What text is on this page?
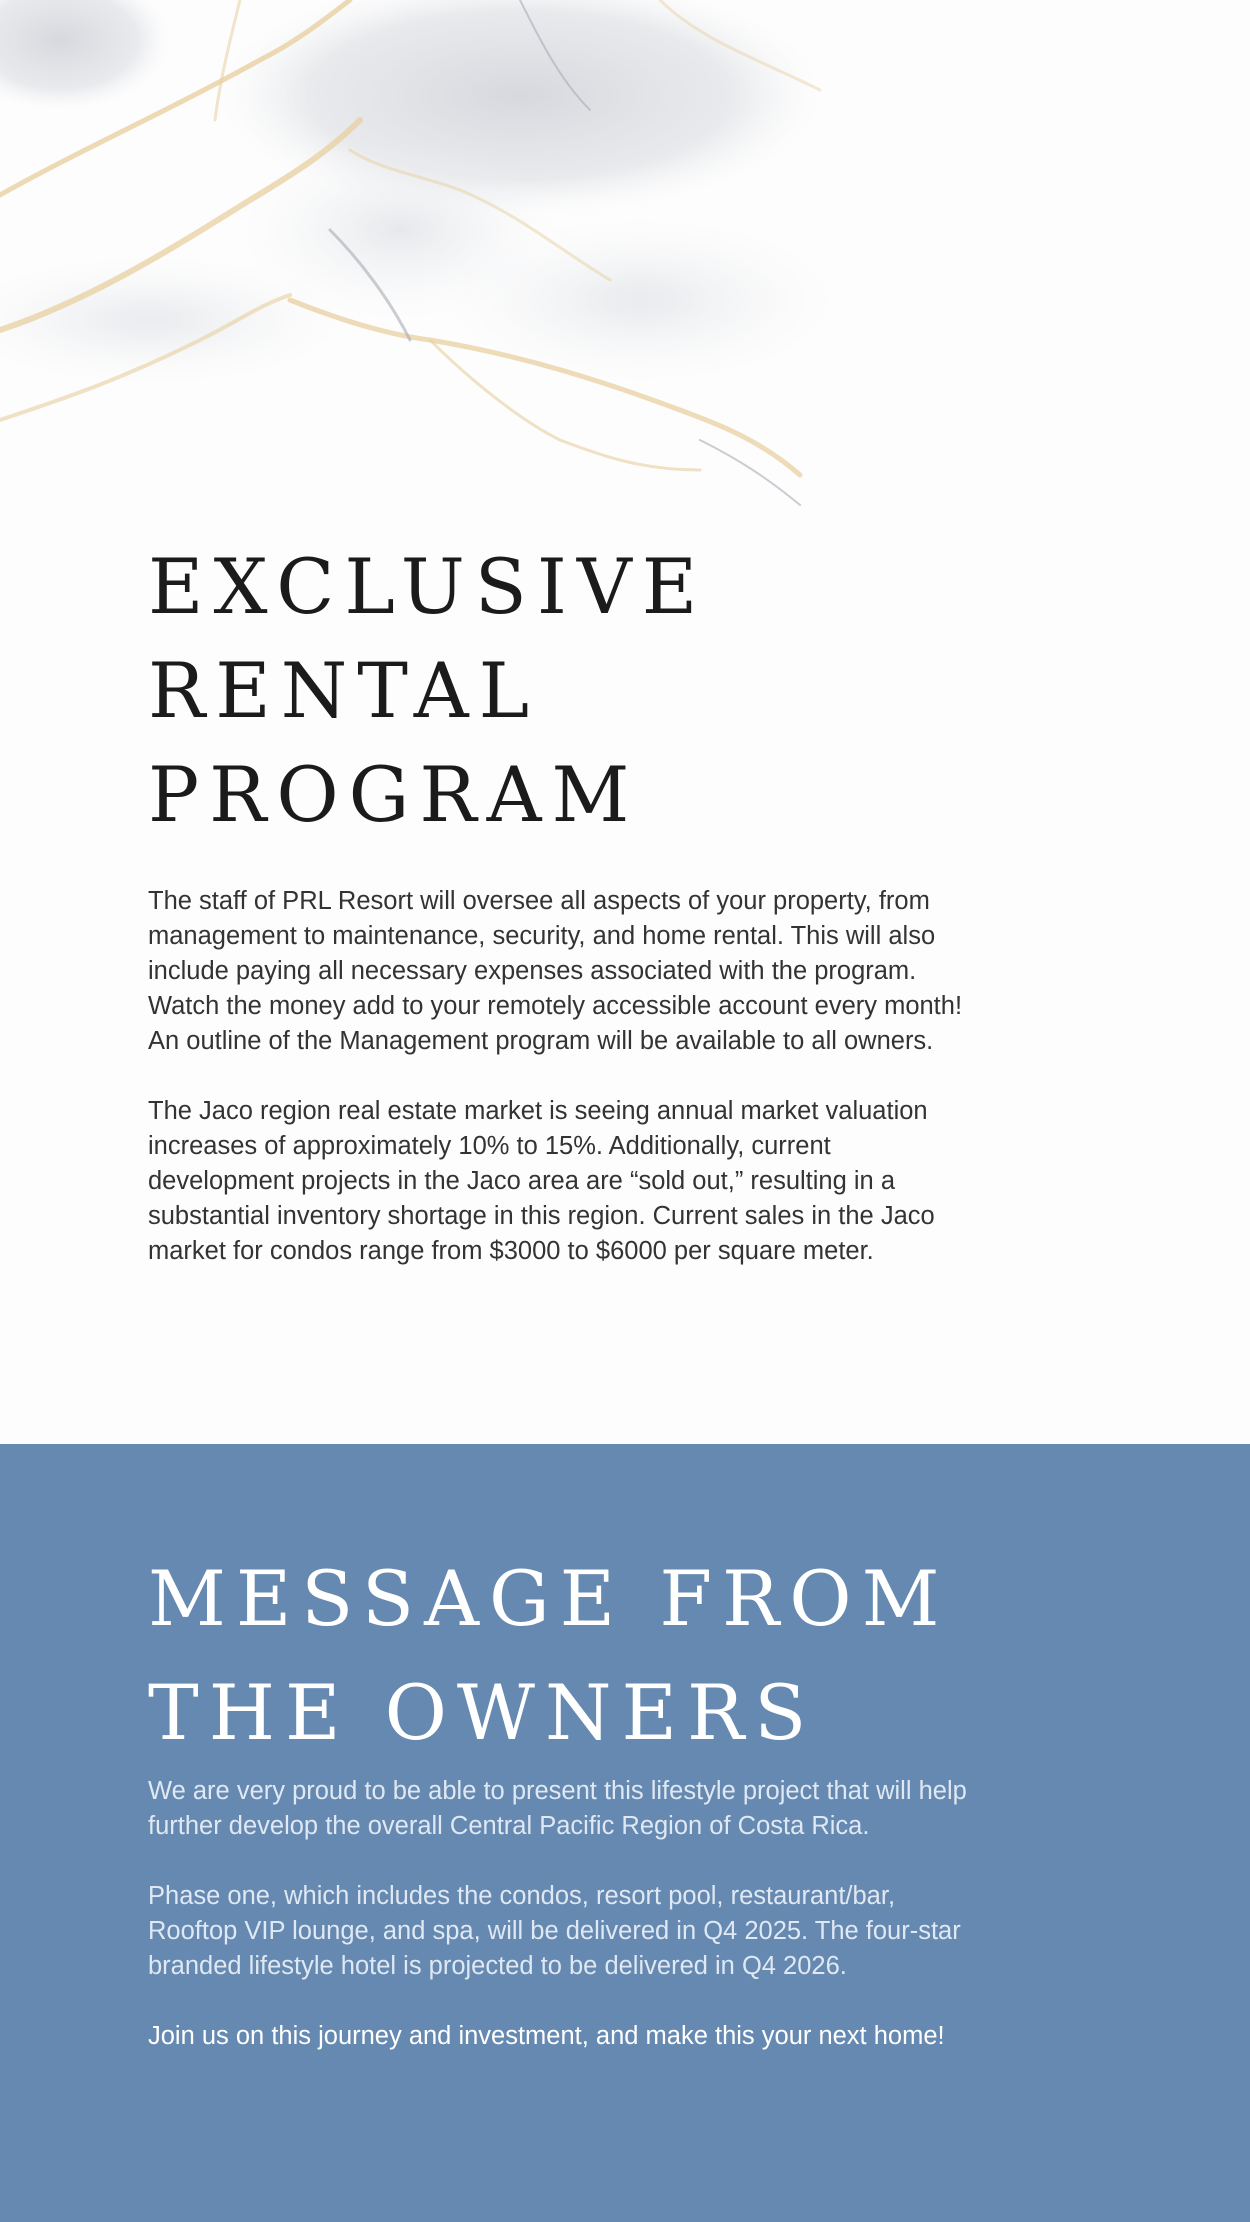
EXCLUSIVE
RENTAL
PROGRAM

The staff of PRL Resort will oversee all aspects of your property, from management to maintenance, security, and home rental. This will also include paying all necessary expenses associated with the program. Watch the money add to your remotely accessible account every month! An outline of the Management program will be available to all owners.

The Jaco region real estate market is seeing annual market valuation increases of approximately 10% to 15%. Additionally, current development projects in the Jaco area are “sold out,” resulting in a substantial inventory shortage in this region. Current sales in the Jaco market for condos range from $3000 to $6000 per square meter.

MESSAGE FROM
THE OWNERS

We are very proud to be able to present this lifestyle project that will help further develop the overall Central Pacific Region of Costa Rica.

Phase one, which includes the condos, resort pool, restaurant/bar, Rooftop VIP lounge, and spa, will be delivered in Q4 2025. The four-star branded lifestyle hotel is projected to be delivered in Q4 2026.

Join us on this journey and investment, and make this your next home!
